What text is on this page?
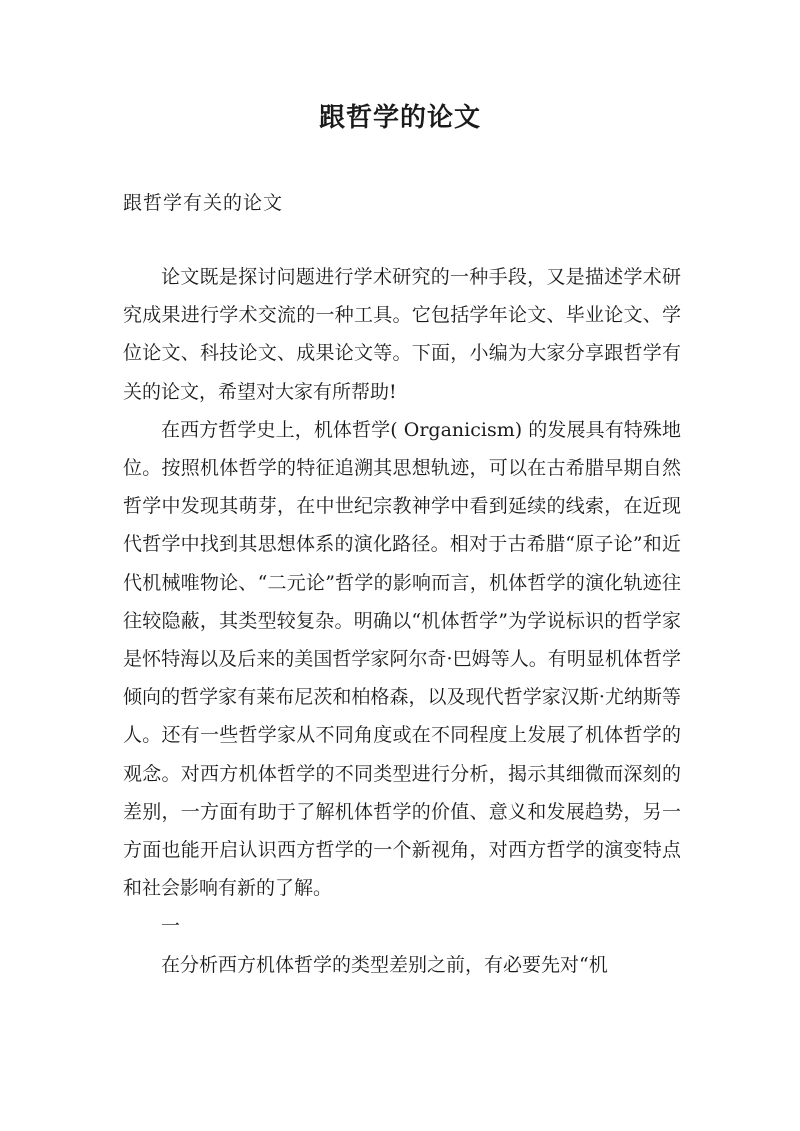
跟哲学的论文
跟哲学有关的论文

论文既是探讨问题进行学术研究的一种手段，又是描述学术研究成果进行学术交流的一种工具。它包括学年论文、毕业论文、学位论文、科技论文、成果论文等。下面，小编为大家分享跟哲学有关的论文，希望对大家有所帮助!

在西方哲学史上，机体哲学( Organicism) 的发展具有特殊地位。按照机体哲学的特征追溯其思想轨迹，可以在古希腊早期自然哲学中发现其萌芽，在中世纪宗教神学中看到延续的线索，在近现代哲学中找到其思想体系的演化路径。相对于古希腊“原子论”和近代机械唯物论、“二元论”哲学的影响而言，机体哲学的演化轨迹往往较隐蔽，其类型较复杂。明确以“机体哲学”为学说标识的哲学家是怀特海以及后来的美国哲学家阿尔奇·巴姆等人。有明显机体哲学倾向的哲学家有莱布尼茨和柏格森，以及现代哲学家汉斯·尤纳斯等人。还有一些哲学家从不同角度或在不同程度上发展了机体哲学的观念。对西方机体哲学的不同类型进行分析，揭示其细微而深刻的差别，一方面有助于了解机体哲学的价值、意义和发展趋势，另一方面也能开启认识西方哲学的一个新视角，对西方哲学的演变特点和社会影响有新的了解。

一

在分析西方机体哲学的类型差别之前，有必要先对“机
